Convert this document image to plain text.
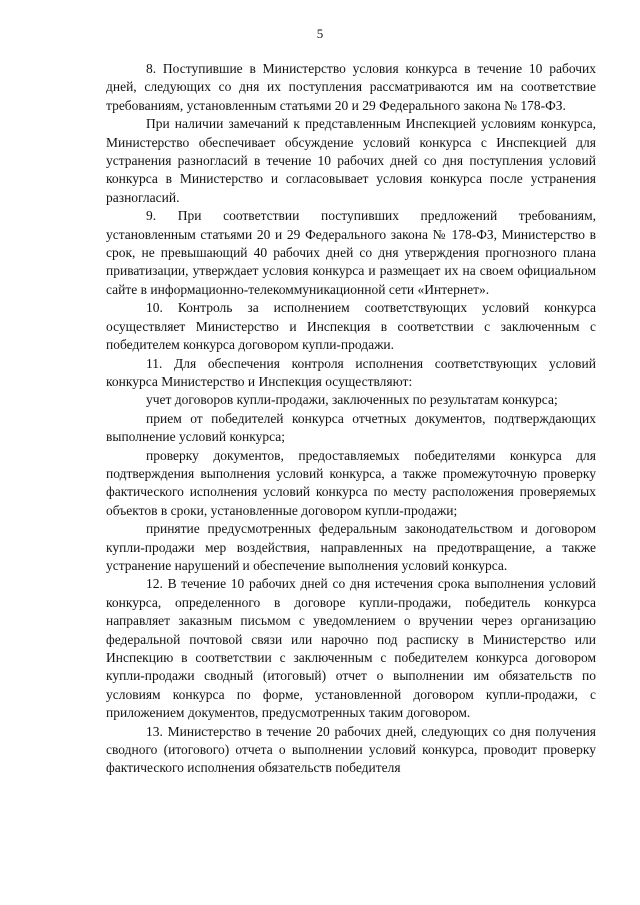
5

8. Поступившие в Министерство условия конкурса в течение 10 рабочих дней, следующих со дня их поступления рассматриваются им на соответствие требованиям, установленным статьями 20 и 29 Федерального закона № 178-ФЗ.

При наличии замечаний к представленным Инспекцией условиям конкурса, Министерство обеспечивает обсуждение условий конкурса с Инспекцией для устранения разногласий в течение 10 рабочих дней со дня поступления условий конкурса в Министерство и согласовывает условия конкурса после устранения разногласий.

9. При соответствии поступивших предложений требованиям, установленным статьями 20 и 29 Федерального закона № 178-ФЗ, Министерство в срок, не превышающий 40 рабочих дней со дня утверждения прогнозного плана приватизации, утверждает условия конкурса и размещает их на своем официальном сайте в информационно-телекоммуникационной сети «Интернет».

10. Контроль за исполнением соответствующих условий конкурса осуществляет Министерство и Инспекция в соответствии с заключенным с победителем конкурса договором купли-продажи.

11. Для обеспечения контроля исполнения соответствующих условий конкурса Министерство и Инспекция осуществляют:

учет договоров купли-продажи, заключенных по результатам конкурса;

прием от победителей конкурса отчетных документов, подтверждающих выполнение условий конкурса;

проверку документов, предоставляемых победителями конкурса для подтверждения выполнения условий конкурса, а также промежуточную проверку фактического исполнения условий конкурса по месту расположения проверяемых объектов в сроки, установленные договором купли-продажи;

принятие предусмотренных федеральным законодательством и договором купли-продажи мер воздействия, направленных на предотвращение, а также устранение нарушений и обеспечение выполнения условий конкурса.

12. В течение 10 рабочих дней со дня истечения срока выполнения условий конкурса, определенного в договоре купли-продажи, победитель конкурса направляет заказным письмом с уведомлением о вручении через организацию федеральной почтовой связи или нарочно под расписку в Министерство или Инспекцию в соответствии с заключенным с победителем конкурса договором купли-продажи сводный (итоговый) отчет о выполнении им обязательств по условиям конкурса по форме, установленной договором купли-продажи, с приложением документов, предусмотренных таким договором.

13. Министерство в течение 20 рабочих дней, следующих со дня получения сводного (итогового) отчета о выполнении условий конкурса, проводит проверку фактического исполнения обязательств победителя
